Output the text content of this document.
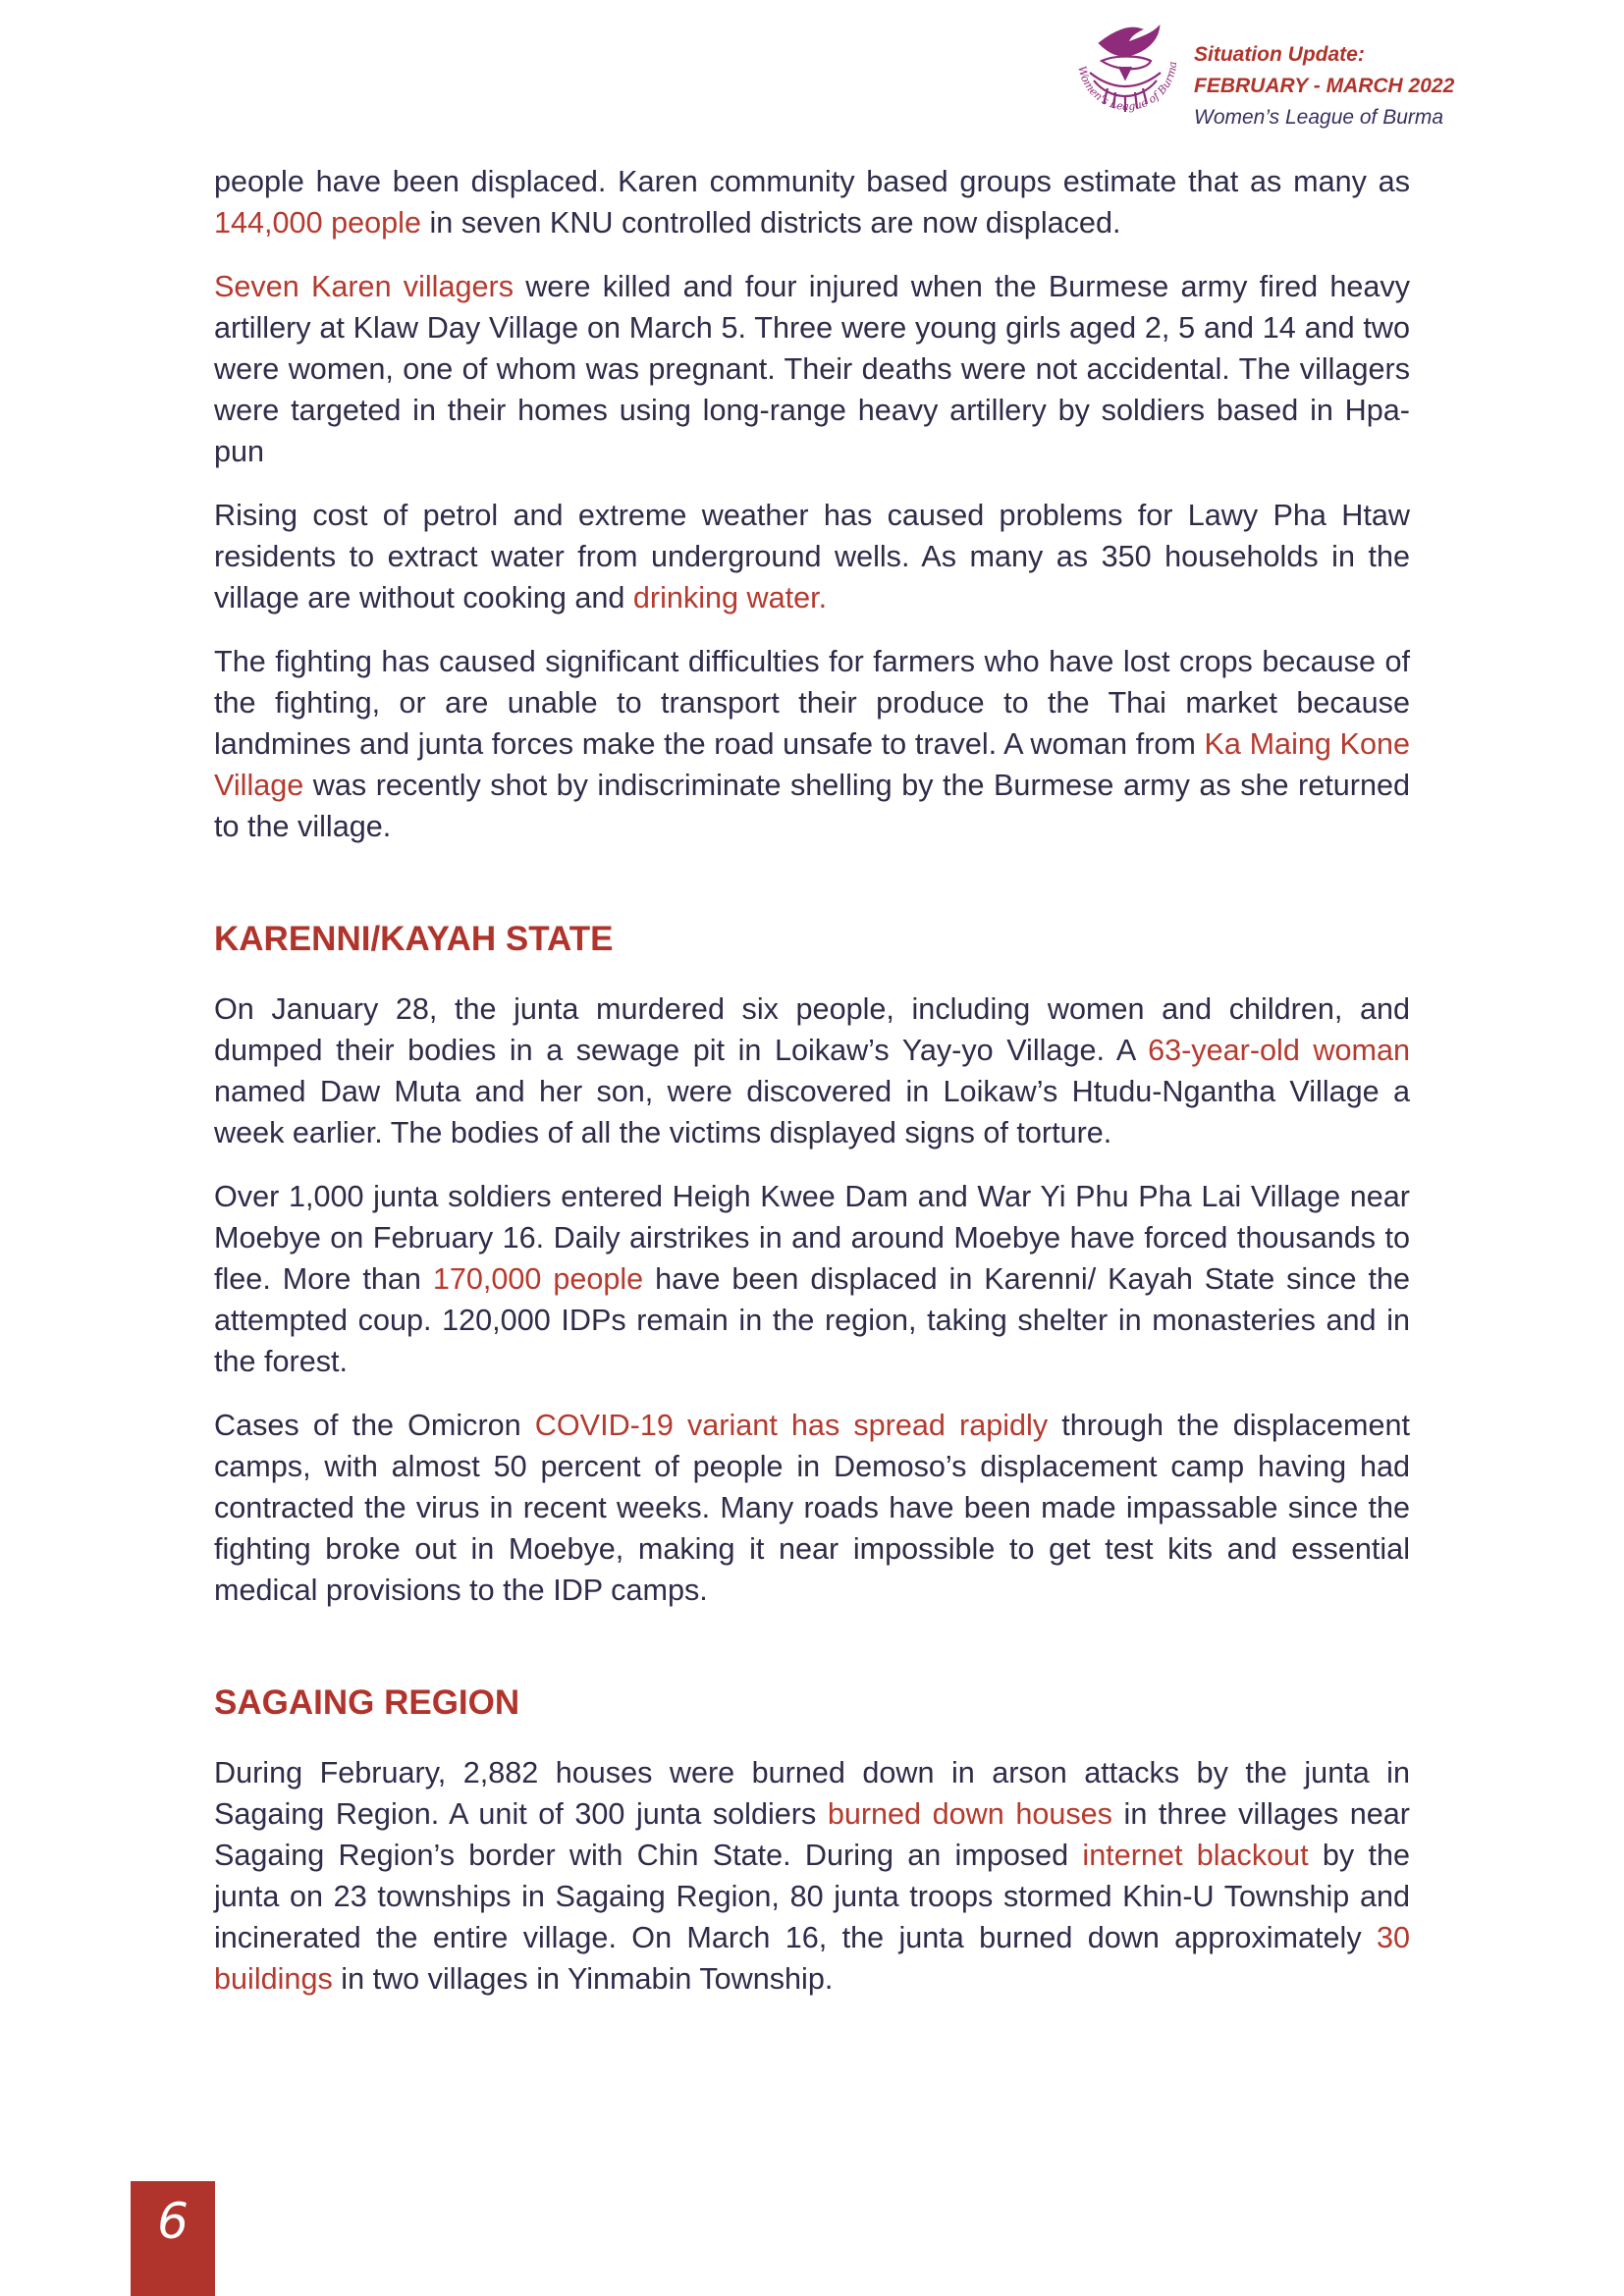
Women's League of Burma Situation Update:
FEBRUARY - MARCH 2022
Women’s League of Burma

people have been displaced. Karen community based groups estimate that as many as 144,000 people in seven KNU controlled districts are now displaced.

Seven Karen villagers were killed and four injured when the Burmese army fired heavy artillery at Klaw Day Village on March 5. Three were young girls aged 2, 5 and 14 and two were women, one of whom was pregnant. Their deaths were not accidental. The villagers were targeted in their homes using long-range heavy artillery by soldiers based in Hpa-pun

Rising cost of petrol and extreme weather has caused problems for Lawy Pha Htaw residents to extract water from underground wells. As many as 350 households in the village are without cooking and drinking water.

The fighting has caused significant difficulties for farmers who have lost crops because of the fighting, or are unable to transport their produce to the Thai market because landmines and junta forces make the road unsafe to travel. A woman from Ka Maing Kone Village was recently shot by indiscriminate shelling by the Burmese army as she returned to the village.

KARENNI/KAYAH STATE

On January 28, the junta murdered six people, including women and children, and dumped their bodies in a sewage pit in Loikaw’s Yay-yo Village. A 63-year-old woman named Daw Muta and her son, were discovered in Loikaw’s Htudu-Ngantha Village a week earlier. The bodies of all the victims displayed signs of torture.

Over 1,000 junta soldiers entered Heigh Kwee Dam and War Yi Phu Pha Lai Village near Moebye on February 16. Daily airstrikes in and around Moebye have forced thousands to flee. More than 170,000 people have been displaced in Karenni/ Kayah State since the attempted coup. 120,000 IDPs remain in the region, taking shelter in monasteries and in the forest.

Cases of the Omicron COVID-19 variant has spread rapidly through the displacement camps, with almost 50 percent of people in Demoso’s displacement camp having had contracted the virus in recent weeks. Many roads have been made impassable since the fighting broke out in Moebye, making it near impossible to get test kits and essential medical provisions to the IDP camps.

SAGAING REGION

During February, 2,882 houses were burned down in arson attacks by the junta in Sagaing Region. A unit of 300 junta soldiers burned down houses in three villages near Sagaing Region’s border with Chin State. During an imposed internet blackout by the junta on 23 townships in Sagaing Region, 80 junta troops stormed Khin-U Township and incinerated the entire village. On March 16, the junta burned down approximately 30 buildings in two villages in Yinmabin Township.

6
